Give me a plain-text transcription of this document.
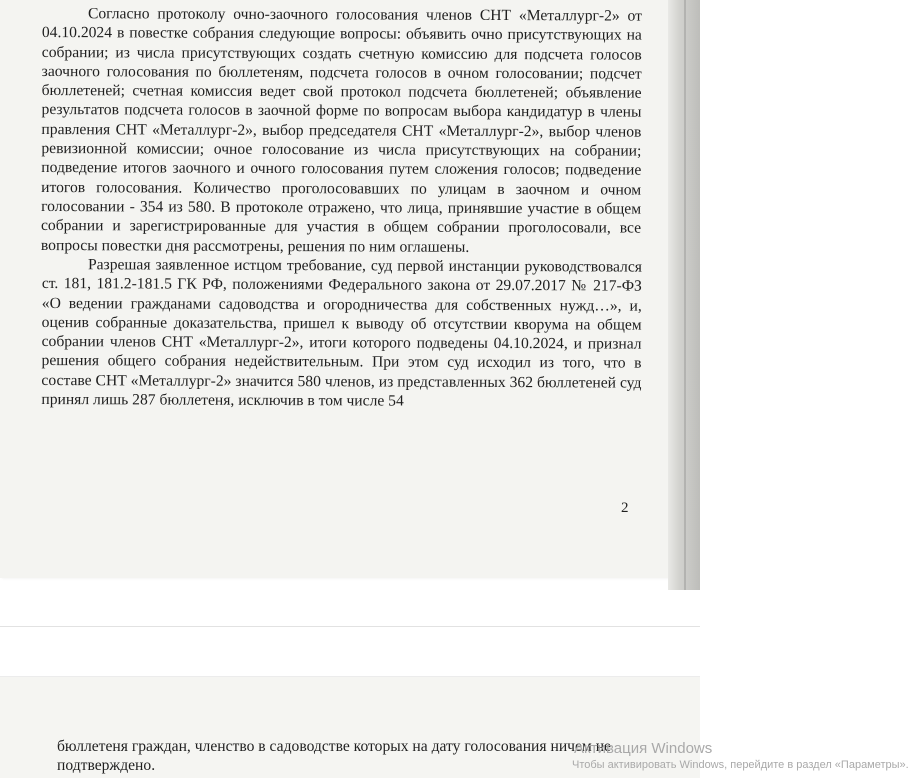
Согласно протоколу очно-заочного голосования членов СНТ «Металлург-2» от 04.10.2024 в повестке собрания следующие вопросы: объявить очно присутствующих на собрании; из числа присутствующих создать счетную комиссию для подсчета голосов заочного голосования по бюллетеням, подсчета голосов в очном голосовании; подсчет бюллетеней; счетная комиссия ведет свой протокол подсчета бюллетеней; объявление результатов подсчета голосов в заочной форме по вопросам выбора кандидатур в члены правления СНТ «Металлург-2», выбор председателя СНТ «Металлург-2», выбор членов ревизионной комиссии; очное голосование из числа присутствующих на собрании; подведение итогов заочного и очного голосования путем сложения голосов; подведение итогов голосования. Количество проголосовавших по улицам в заочном и очном голосовании - 354 из 580. В протоколе отражено, что лица, принявшие участие в общем собрании и зарегистрированные для участия в общем собрании проголосовали, все вопросы повестки дня рассмотрены, решения по ним оглашены.

Разрешая заявленное истцом требование, суд первой инстанции руководствовался ст. 181, 181.2-181.5 ГК РФ, положениями Федерального закона от 29.07.2017 № 217-ФЗ «О ведении гражданами садоводства и огородничества для собственных нужд…», и, оценив собранные доказательства, пришел к выводу об отсутствии кворума на общем собрании членов СНТ «Металлург-2», итоги которого подведены 04.10.2024, и признал решения общего собрания недействительным. При этом суд исходил из того, что в составе СНТ «Металлург-2» значится 580 членов, из представленных 362 бюллетеней суд принял лишь 287 бюллетеня, исключив в том числе 54

2

бюллетеня граждан, членство в садоводстве которых на дату голосования ничем не подтверждено.

Активация Windows
Чтобы активировать Windows, перейдите в раздел «Параметры».
